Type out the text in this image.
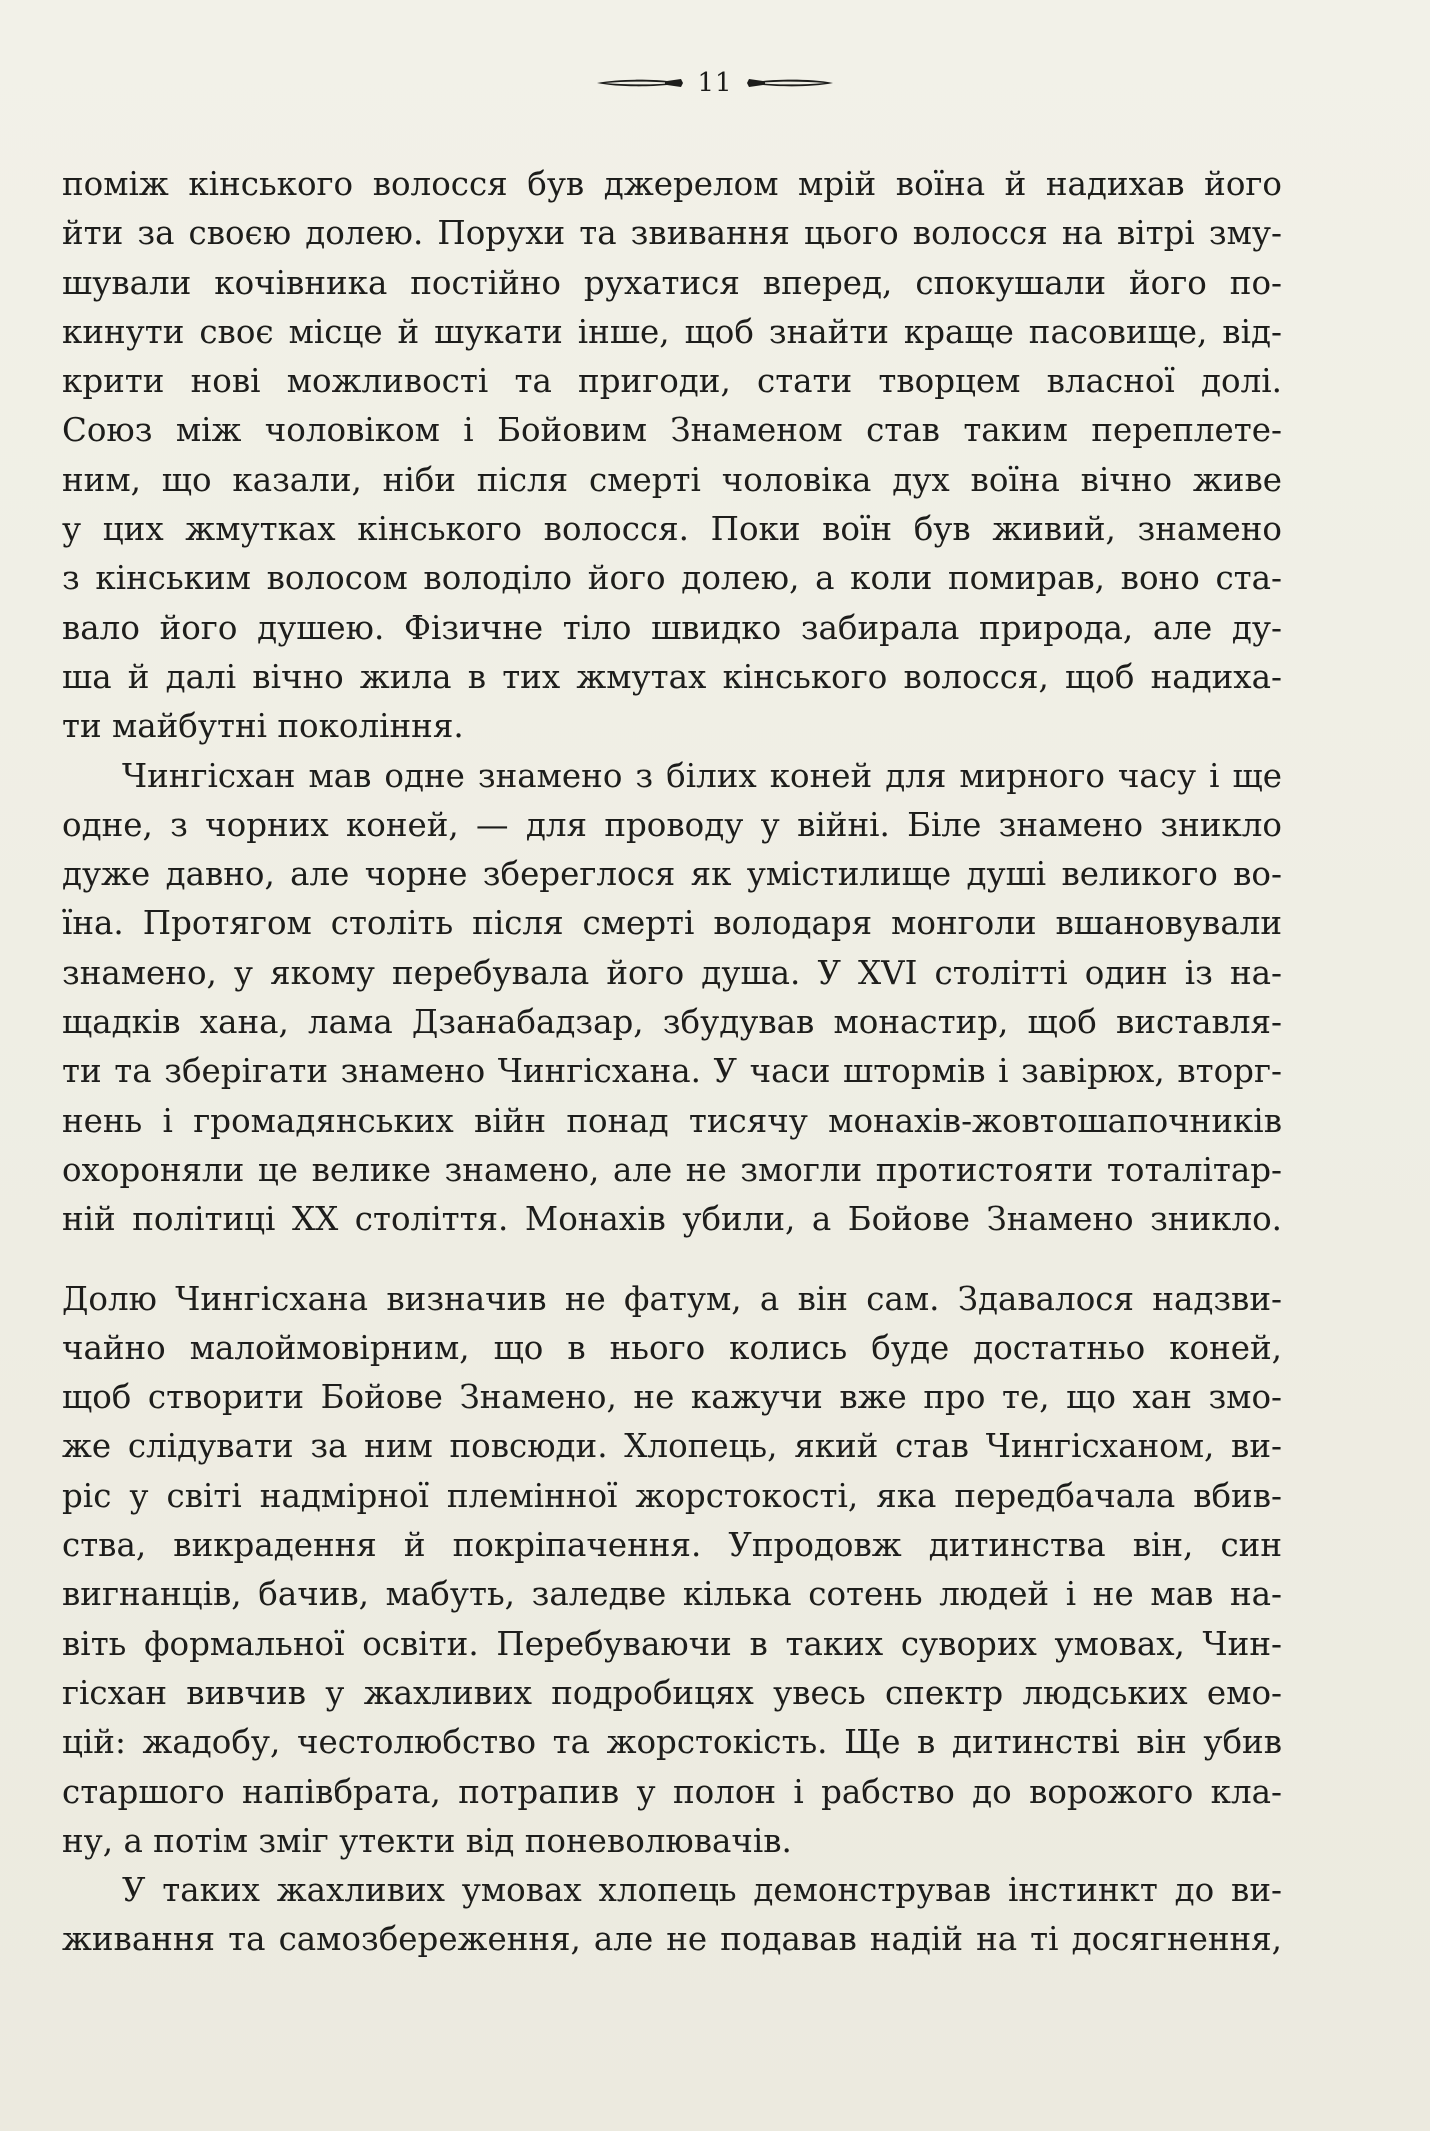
11

поміж кінського волосся був джерелом мрій воїна й надихав його
йти за своєю долею. Порухи та звивання цього волосся на вітрі зму-
шували кочівника постійно рухатися вперед, спокушали його по-
кинути своє місце й шукати інше, щоб знайти краще пасовище, від-
крити нові можливості та пригоди, стати творцем власної долі.
Союз між чоловіком і Бойовим Знаменом став таким переплете-
ним, що казали, ніби після смерті чоловіка дух воїна вічно живе
у цих жмутках кінського волосся. Поки воїн був живий, знамено
з кінським волосом володіло його долею, а коли помирав, воно ста-
вало його душею. Фізичне тіло швидко забирала природа, але ду-
ша й далі вічно жила в тих жмутах кінського волосся, щоб надиха-
ти майбутні покоління.

Чингісхан мав одне знамено з білих коней для мирного часу і ще
одне, з чорних коней, — для проводу у війні. Біле знамено зникло
дуже давно, але чорне збереглося як умістилище душі великого во-
їна. Протягом століть після смерті володаря монголи вшановували
знамено, у якому перебувала його душа. У XVI столітті один із на-
щадків хана, лама Дзанабадзар, збудував монастир, щоб виставля-
ти та зберігати знамено Чингісхана. У часи штормів і завірюх, вторг-
нень і громадянських війн понад тисячу монахів-жовтошапочників
охороняли це велике знамено, але не змогли протистояти тоталітар-
ній політиці XX століття. Монахів убили, а Бойове Знамено зникло.

Долю Чингісхана визначив не фатум, а він сам. Здавалося надзви-
чайно малоймовірним, що в нього колись буде достатньо коней,
щоб створити Бойове Знамено, не кажучи вже про те, що хан змо-
же слідувати за ним повсюди. Хлопець, який став Чингісханом, ви-
ріс у світі надмірної племінної жорстокості, яка передбачала вбив-
ства, викрадення й покріпачення. Упродовж дитинства він, син
вигнанців, бачив, мабуть, заледве кілька сотень людей і не мав на-
віть формальної освіти. Перебуваючи в таких суворих умовах, Чин-
гісхан вивчив у жахливих подробицях увесь спектр людських емо-
цій: жадобу, честолюбство та жорстокість. Ще в дитинстві він убив
старшого напівбрата, потрапив у полон і рабство до ворожого кла-
ну, а потім зміг утекти від поневолювачів.

У таких жахливих умовах хлопець демонстрував інстинкт до ви-
живання та самозбереження, але не подавав надій на ті досягнення,
